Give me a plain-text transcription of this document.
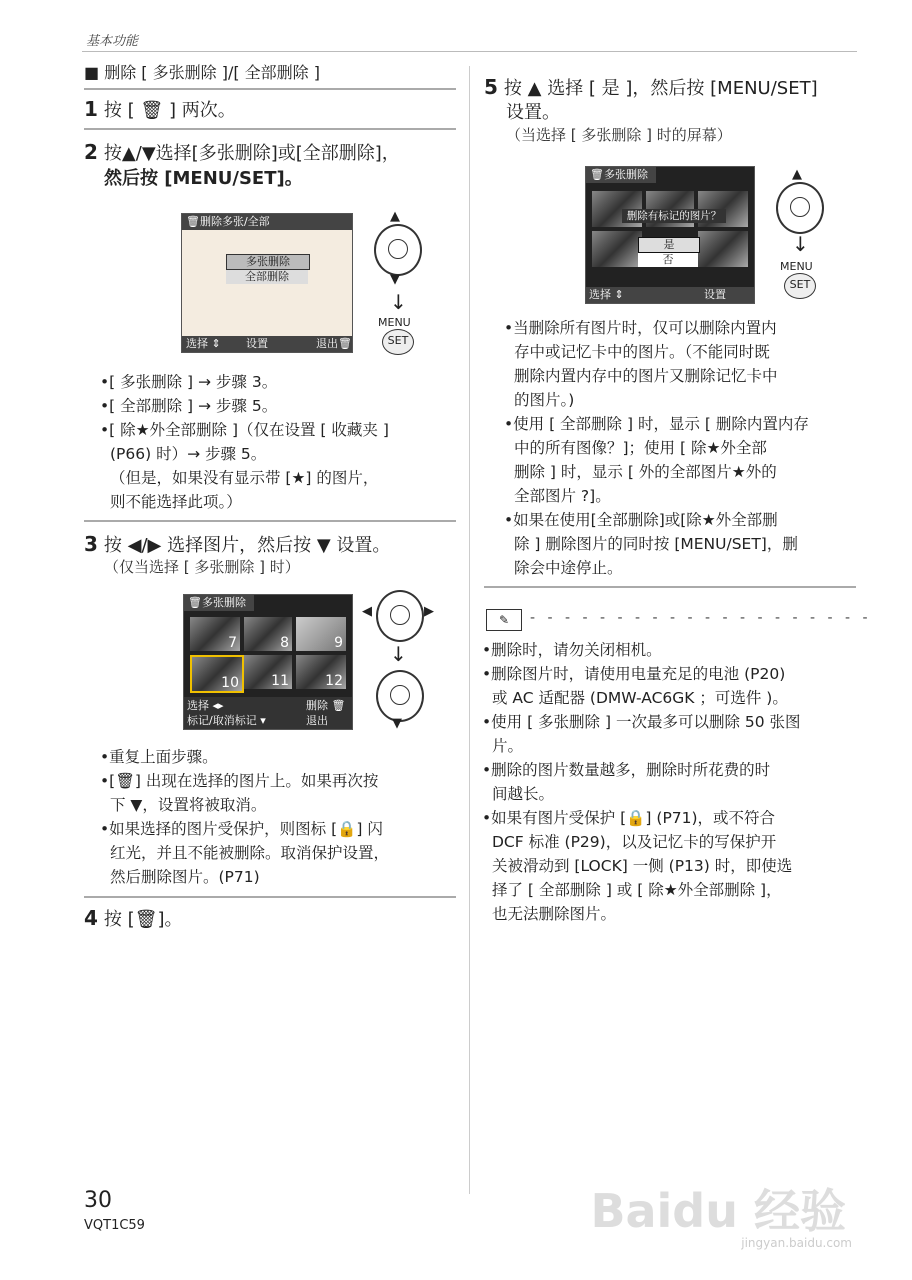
基本功能
■ 删除 [ 多张删除 ]/[ 全部删除 ]
1 按 [ 🗑 ] 两次。
2 按▲/▼选择[多张删除]或[全部删除]，
然后按 [MENU/SET]。
🗑删除多张/全部
多张删除
全部删除
选择 ⇕ 设置	退出🗑
▲
▼
↓
MENU
SET
•[ 多张删除 ] → 步骤 3。
•[ 全部删除 ] → 步骤 5。
•[ 除★外全部删除 ]（仅在设置 [ 收藏夹 ]
(P66) 时）→ 步骤 5。
（但是，如果没有显示带 [★] 的图片，
则不能选择此项。）
3 按 ◀/▶ 选择图片，然后按 ▼ 设置。
（仅当选择 [ 多张删除 ] 时）
🗑多张删除
7	8	9
10 11	12
选择 ◂▸	删除 🗑
标记/取消标记 ▾	退出
◀	▶
↓
▼
•重复上面步骤。
•[🗑] 出现在选择的图片上。如果再次按
下 ▼，设置将被取消。
•如果选择的图片受保护，则图标 [🔒] 闪
红光，并且不能被删除。取消保护设置，
然后删除图片。(P71)
4 按 [🗑]。
5 按 ▲ 选择 [ 是 ]，然后按 [MENU/SET]
设置。
（当选择 [ 多张删除 ] 时的屏幕）
🗑多张删除
删除有标记的图片？
是
否
选择 ⇕	设置
▲
↓
MENU
SET
•当删除所有图片时，仅可以删除内置内
存中或记忆卡中的图片。（不能同时既
删除内置内存中的图片又删除记忆卡中
的图片。)
•使用 [ 全部删除 ] 时，显示 [ 删除内置内存
中的所有图像？]；使用 [ 除★外全部
删除 ] 时，显示 [ 外的全部图片★外的
全部图片 ?]。
•如果在使用[全部删除]或[除★外全部删
除 ] 删除图片的同时按 [MENU/SET]，删
除会中途停止。
✎	- - - - - - - - - - - - - - - - - - - -
•删除时，请勿关闭相机。
•删除图片时，请使用电量充足的电池 (P20)
或 AC 适配器 (DMW-AC6GK ；可选件 )。
•使用 [ 多张删除 ] 一次最多可以删除 50 张图
片。
•删除的图片数量越多，删除时所花费的时
间越长。
•如果有图片受保护 [🔒] (P71)，或不符合
DCF 标准 (P29)，以及记忆卡的写保护开
关被滑动到 [LOCK] 一侧 (P13) 时，即使选
择了 [ 全部删除 ] 或 [ 除★外全部删除 ]，
也无法删除图片。
30
VQT1C59	Baidu 经验
jingyan.baidu.com
